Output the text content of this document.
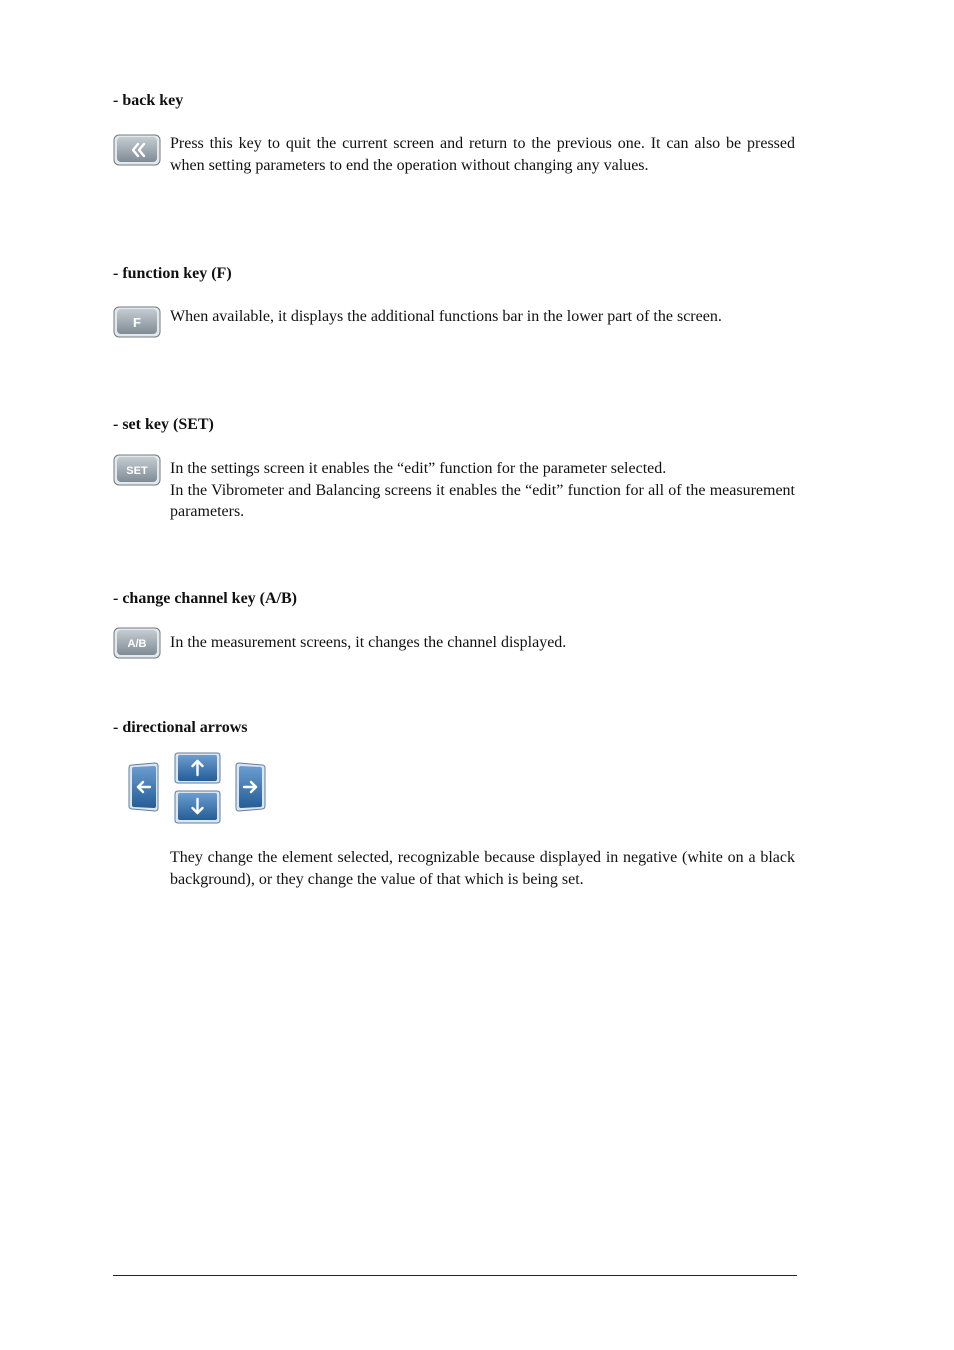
- back key
Press this key to quit the current screen and return to the previous one. It can also be pressed when setting parameters to end the operation without changing any values.
- function key (F)
F When available, it displays the additional functions bar in the lower part of the screen.
- set key (SET)
SET In the settings screen it enables the “edit” function for the parameter selected.
In the Vibrometer and Balancing screens it enables the “edit” function for all of the measurement parameters.
- change channel key (A/B)
A/B In the measurement screens, it changes the channel displayed.
- directional arrows
They change the element selected, recognizable because displayed in negative (white on a black background), or they change the value of that which is being set.
